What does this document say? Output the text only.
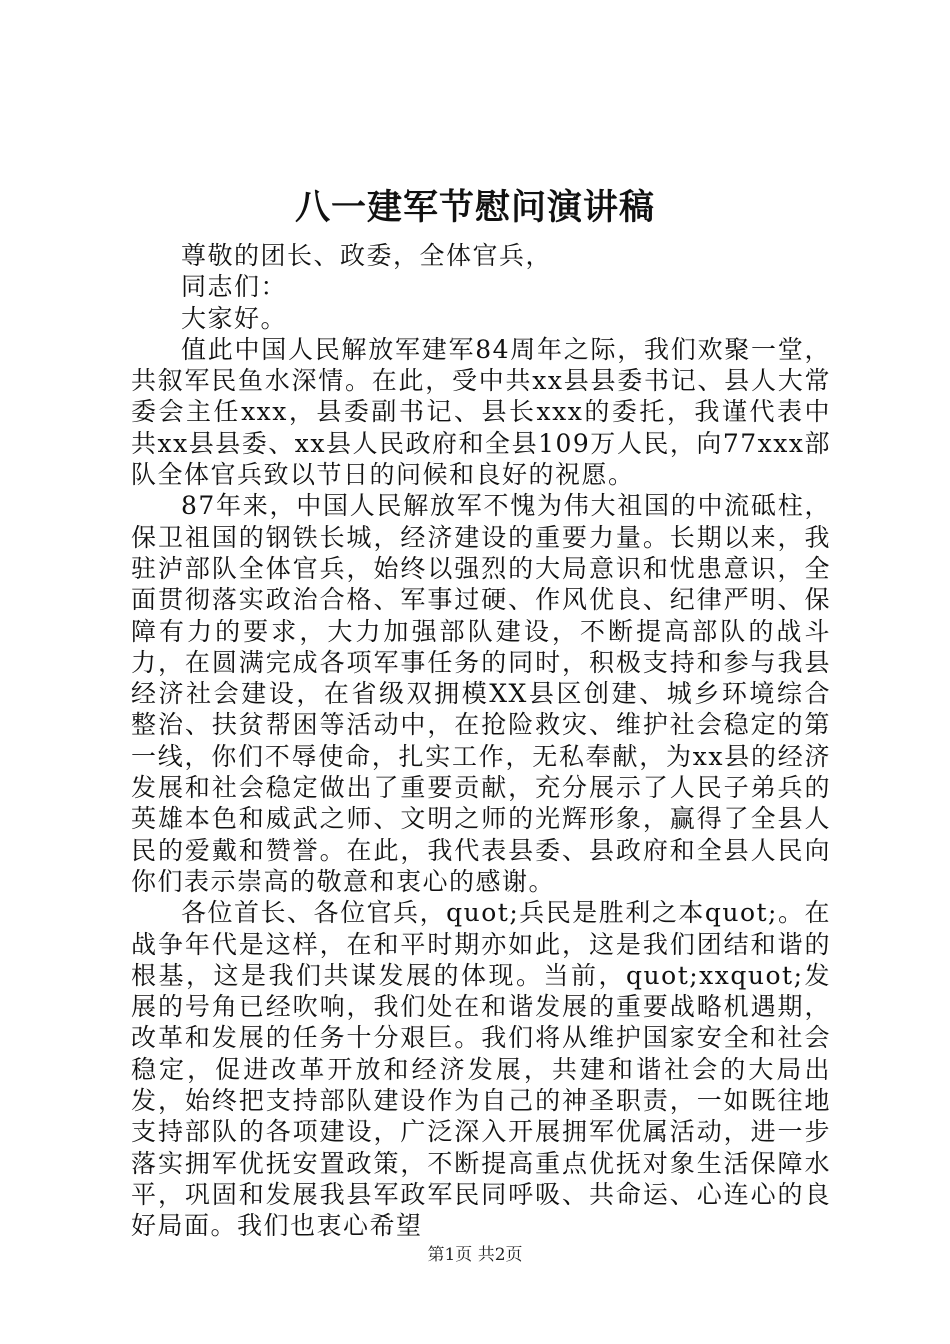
八一建军节慰问演讲稿

尊敬的团长、政委，全体官兵，

同志们：

大家好。

值此中国人民解放军建军84周年之际，我们欢聚一堂，共叙军民鱼水深情。在此，受中共xx县县委书记、县人大常委会主任xxx，县委副书记、县长xxx的委托，我谨代表中共xx县县委、xx县人民政府和全县109万人民，向77xxx部队全体官兵致以节日的问候和良好的祝愿。

87年来，中国人民解放军不愧为伟大祖国的中流砥柱，保卫祖国的钢铁长城，经济建设的重要力量。长期以来，我驻泸部队全体官兵，始终以强烈的大局意识和忧患意识，全面贯彻落实政治合格、军事过硬、作风优良、纪律严明、保障有力的要求，大力加强部队建设，不断提高部队的战斗力，在圆满完成各项军事任务的同时，积极支持和参与我县经济社会建设，在省级双拥模XX县区创建、城乡环境综合整治、扶贫帮困等活动中，在抢险救灾、维护社会稳定的第一线，你们不辱使命，扎实工作，无私奉献，为xx县的经济发展和社会稳定做出了重要贡献，充分展示了人民子弟兵的英雄本色和威武之师、文明之师的光辉形象，赢得了全县人民的爱戴和赞誉。在此，我代表县委、县政府和全县人民向你们表示崇高的敬意和衷心的感谢。

各位首长、各位官兵，quot;兵民是胜利之本quot;。在战争年代是这样，在和平时期亦如此，这是我们团结和谐的根基，这是我们共谋发展的体现。当前，quot;xxquot;发展的号角已经吹响，我们处在和谐发展的重要战略机遇期，改革和发展的任务十分艰巨。我们将从维护国家安全和社会稳定，促进改革开放和经济发展，共建和谐社会的大局出发，始终把支持部队建设作为自己的神圣职责，一如既往地支持部队的各项建设，广泛深入开展拥军优属活动，进一步落实拥军优抚安置政策，不断提高重点优抚对象生活保障水平，巩固和发展我县军政军民同呼吸、共命运、心连心的良好局面。我们也衷心希望

第1页 共2页
